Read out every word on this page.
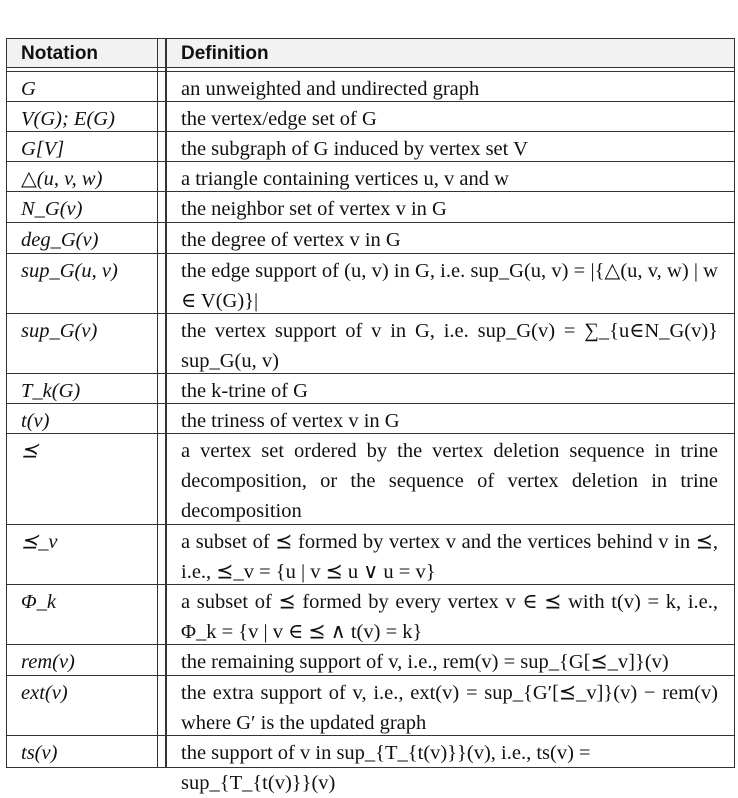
Notation	Definition
G	an unweighted and undirected graph
V(G); E(G)	the vertex/edge set of G
G[V]	the subgraph of G induced by vertex set V
△(u, v, w)	a triangle containing vertices u, v and w
N_G(v)	the neighbor set of vertex v in G
deg_G(v)	the degree of vertex v in G
sup_G(u, v)	the edge support of (u, v) in G, i.e. sup_G(u, v) = |{△(u, v, w) | w ∈ V(G)}|
sup_G(v)	the vertex support of v in G, i.e. sup_G(v) = ∑_{u∈N_G(v)} sup_G(u, v)
T_k(G)	the k-trine of G
t(v)	the triness of vertex v in G
⪯	a vertex set ordered by the vertex deletion sequence in trine decomposition, or the sequence of vertex deletion in trine decomposition
⪯_v	a subset of ⪯ formed by vertex v and the vertices behind v in ⪯, i.e., ⪯_v = {u | v ⪯ u ∨ u = v}
Φ_k	a subset of ⪯ formed by every vertex v ∈ ⪯ with t(v) = k, i.e., Φ_k = {v | v ∈ ⪯ ∧ t(v) = k}
rem(v)	the remaining support of v, i.e., rem(v) = sup_{G[⪯_v]}(v)
ext(v)	the extra support of v, i.e., ext(v) = sup_{G′[⪯_v]}(v) − rem(v) where G′ is the updated graph
ts(v)	the support of v in sup_{T_{t(v)}}(v), i.e., ts(v) = sup_{T_{t(v)}}(v)
